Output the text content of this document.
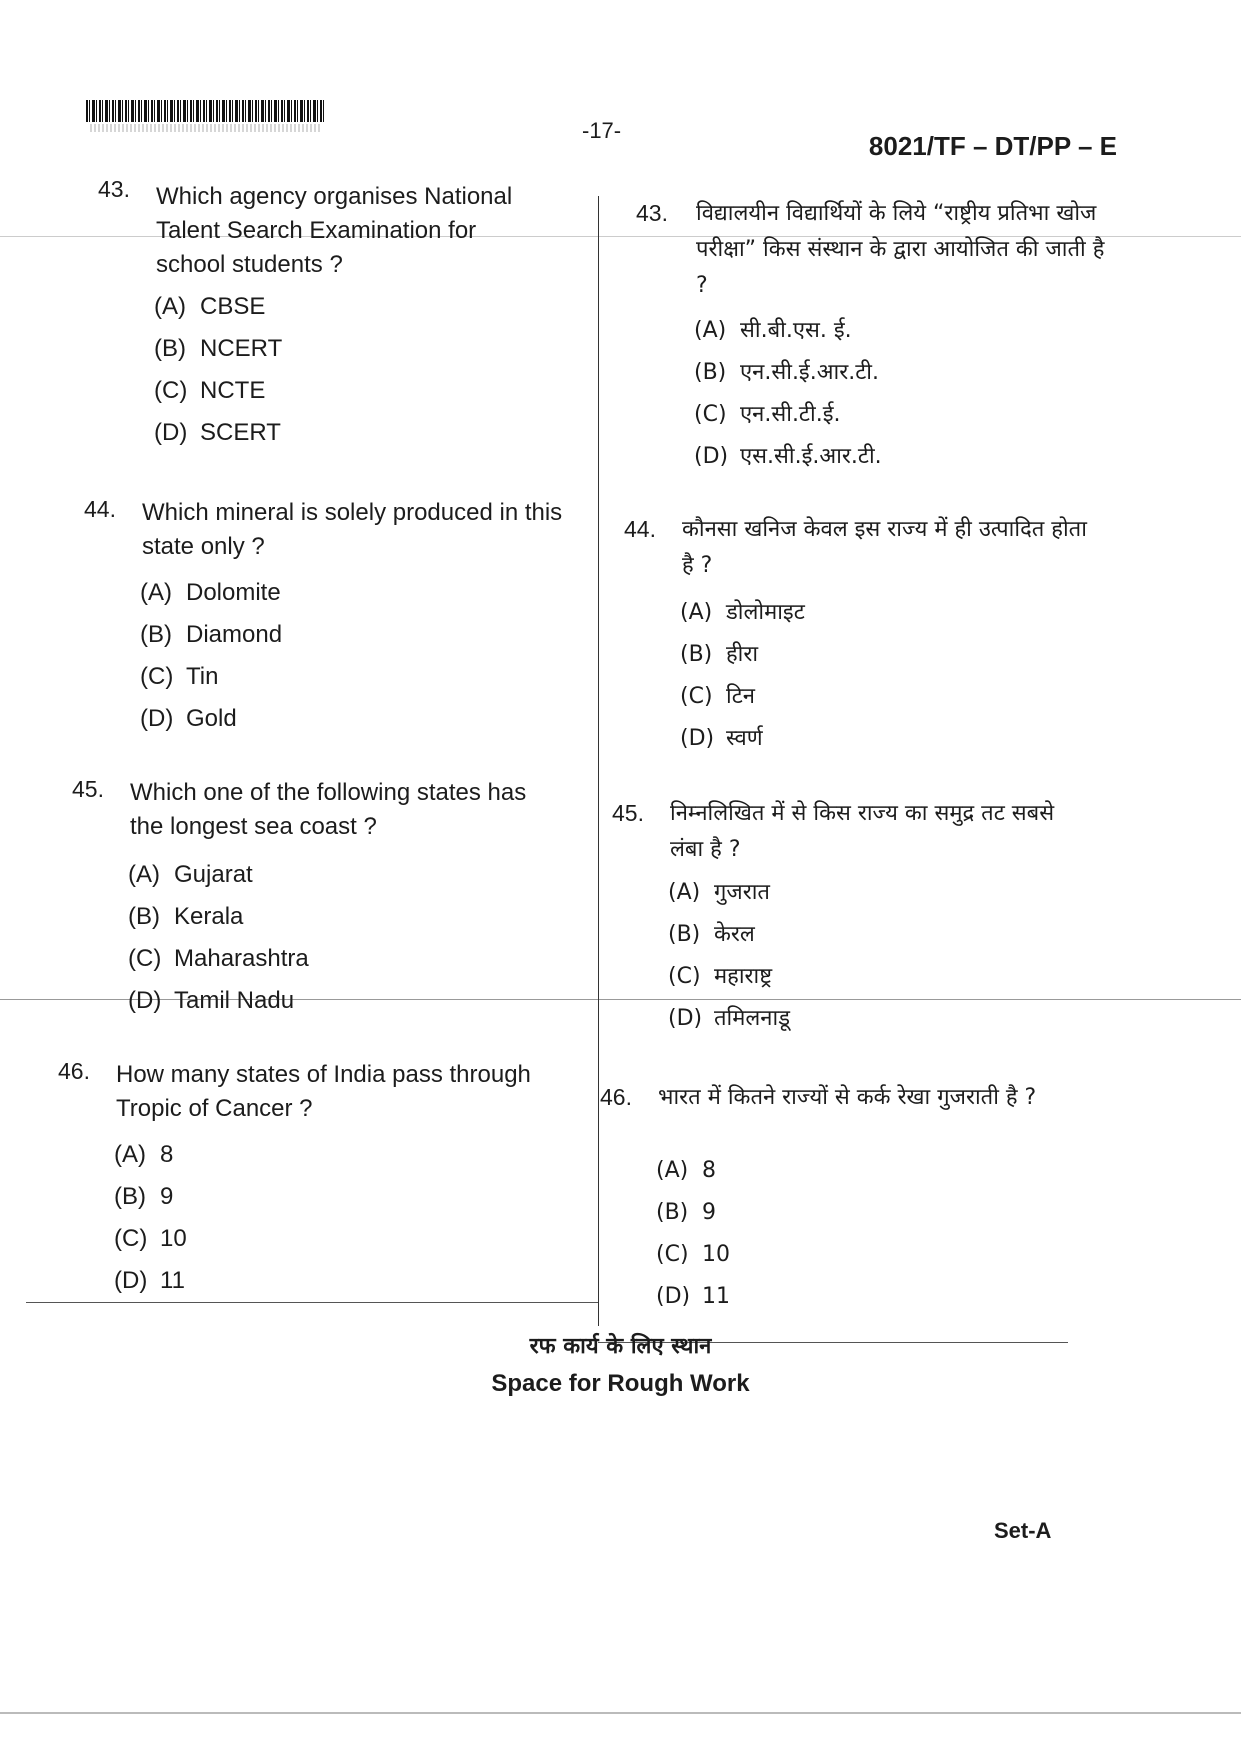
-17-
8021/TF – DT/PP – E
43. Which agency organises National Talent Search Examination for school students ?
(A) CBSE
(B) NCERT
(C) NCTE
(D) SCERT
44. Which mineral is solely produced in this state only ?
(A) Dolomite
(B) Diamond
(C) Tin
(D) Gold
45. Which one of the following states has the longest sea coast ?
(A) Gujarat
(B) Kerala
(C) Maharashtra
(D) Tamil Nadu
46. How many states of India pass through Tropic of Cancer ?
(A) 8
(B) 9
(C) 10
(D) 11
43. विद्यालयीन विद्यार्थियों के लिये “राष्ट्रीय प्रतिभा खोज परीक्षा” किस संस्थान के द्वारा आयोजित की जाती है ?
(A) सी.बी.एस. ई.
(B) एन.सी.ई.आर.टी.
(C) एन.सी.टी.ई.
(D) एस.सी.ई.आर.टी.
44. कौनसा खनिज केवल इस राज्य में ही उत्पादित होता है ?
(A) डोलोमाइट
(B) हीरा
(C) टिन
(D) स्वर्ण
45. निम्नलिखित में से किस राज्य का समुद्र तट सबसे लंबा है ?
(A) गुजरात
(B) केरल
(C) महाराष्ट्र
(D) तमिलनाडू
46. भारत में कितने राज्यों से कर्क रेखा गुजराती है ?
(A) 8
(B) 9
(C) 10
(D) 11
रफ कार्य के लिए स्थान
Space for Rough Work
Set-A
